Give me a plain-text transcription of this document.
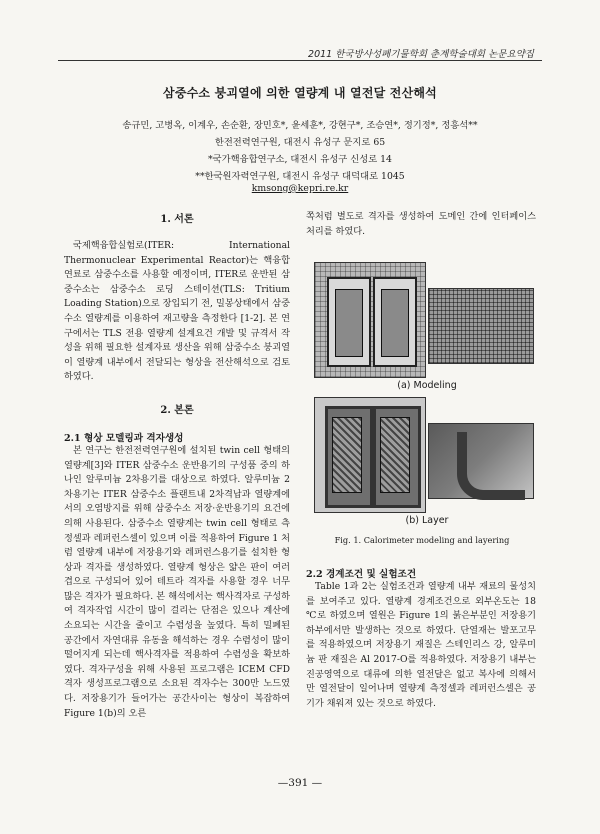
2011 한국방사성폐기물학회 춘계학술대회 논문요약집
삼중수소 붕괴열에 의한 열량계 내 열전달 전산해석
송규민, 고병옥, 이계우, 손순환, 장민호*, 윤세훈*, 강현구*, 조승연*, 정기정*, 정흥석**
한전전력연구원, 대전시 유성구 문지로 65
*국가핵융합연구소, 대전시 유성구 신성로 14
**한국원자력연구원, 대전시 유성구 대덕대로 1045
kmsong@kepri.re.kr
1. 서론

국제핵융합실험로(ITER: International Thermonuclear Experimental Reactor)는 핵융합연료로 삼중수소를 사용할 예정이며, ITER로 운반된 삼중수소는 삼중수소 로딩 스테이션(TLS: Tritium Loading Station)으로 장입되기 전, 밀봉상태에서 삼중수소 열량계를 이용하여 재고량을 측정한다 [1-2]. 본 연구에서는 TLS 전용 열량계 설계요건 개발 및 규격서 작성을 위해 필요한 설계자료 생산을 위해 삼중수소 붕괴열이 열량계 내부에서 전달되는 형상을 전산해석으로 검토하였다.

2. 본론
2.1 형상 모델링과 격자생성

본 연구는 한전전력연구원에 설치된 twin cell 형태의 열량계[3]와 ITER 삼중수소 운반용기의 구성품 중의 하나인 알루미늄 2차용기를 대상으로 하였다. 알루미늄 2차용기는 ITER 삼중수소 플랜트내 2차격납과 열량계에서의 오염방지를 위해 삼중수소 저장·운반용기의 요건에 의해 사용된다. 삼중수소 열량계는 twin cell 형태로 측정셀과 레퍼런스셀이 있으며 이를 적용하여 Figure 1 처럼 열량계 내부에 저장용기와 레퍼런스용기를 설치한 형상과 격자를 생성하였다. 열량계 형상은 얇은 판이 여러 겹으로 구성되어 있어 테트라 격자를 사용할 경우 너무 많은 격자가 필요하다. 본 해석에서는 핵사격자로 구성하여 격자작업 시간이 많이 걸리는 단점은 있으나 계산에 소요되는 시간을 줄이고 수렴성을 높였다. 특히 밀폐된 공간에서 자연대류 유동을 해석하는 경우 수렴성이 많이 떨어지게 되는데 핵사격자를 적용하여 수렴성을 확보하였다. 격자구성을 위해 사용된 프로그램은 ICEM CFD 격자 생성프로그램으로 소요된 격자수는 300만 노드였다. 저장용기가 들어가는 공간사이는 형상이 복잡하여 Figure 1(b)의 오른

쪽처럼 별도로 격자를 생성하여 도메인 간에 인터페이스 처리를 하였다.

(a) Modeling
(b) Layer
Fig. 1. Calorimeter modeling and layering
2.2 경계조건 및 실험조건

Table 1과 2는 실험조건과 열량계 내부 재료의 물성치를 보여주고 있다. 열량계 경계조건으로 외부온도는 18 ℃로 하였으며 열원은 Figure 1의 붉은부분인 저장용기 하부에서만 발생하는 것으로 하였다. 단열재는 발포고무를 적용하였으며 저장용기 재질은 스테인리스 강, 알루미늄 판 재질은 Al 2017-O를 적용하였다. 저장용기 내부는 진공영역으로 대류에 의한 열전달은 없고 복사에 의해서만 열전달이 일어나며 열량계 측정셀과 레퍼런스셀은 공기가 채워져 있는 것으로 하였다.

—391 —
